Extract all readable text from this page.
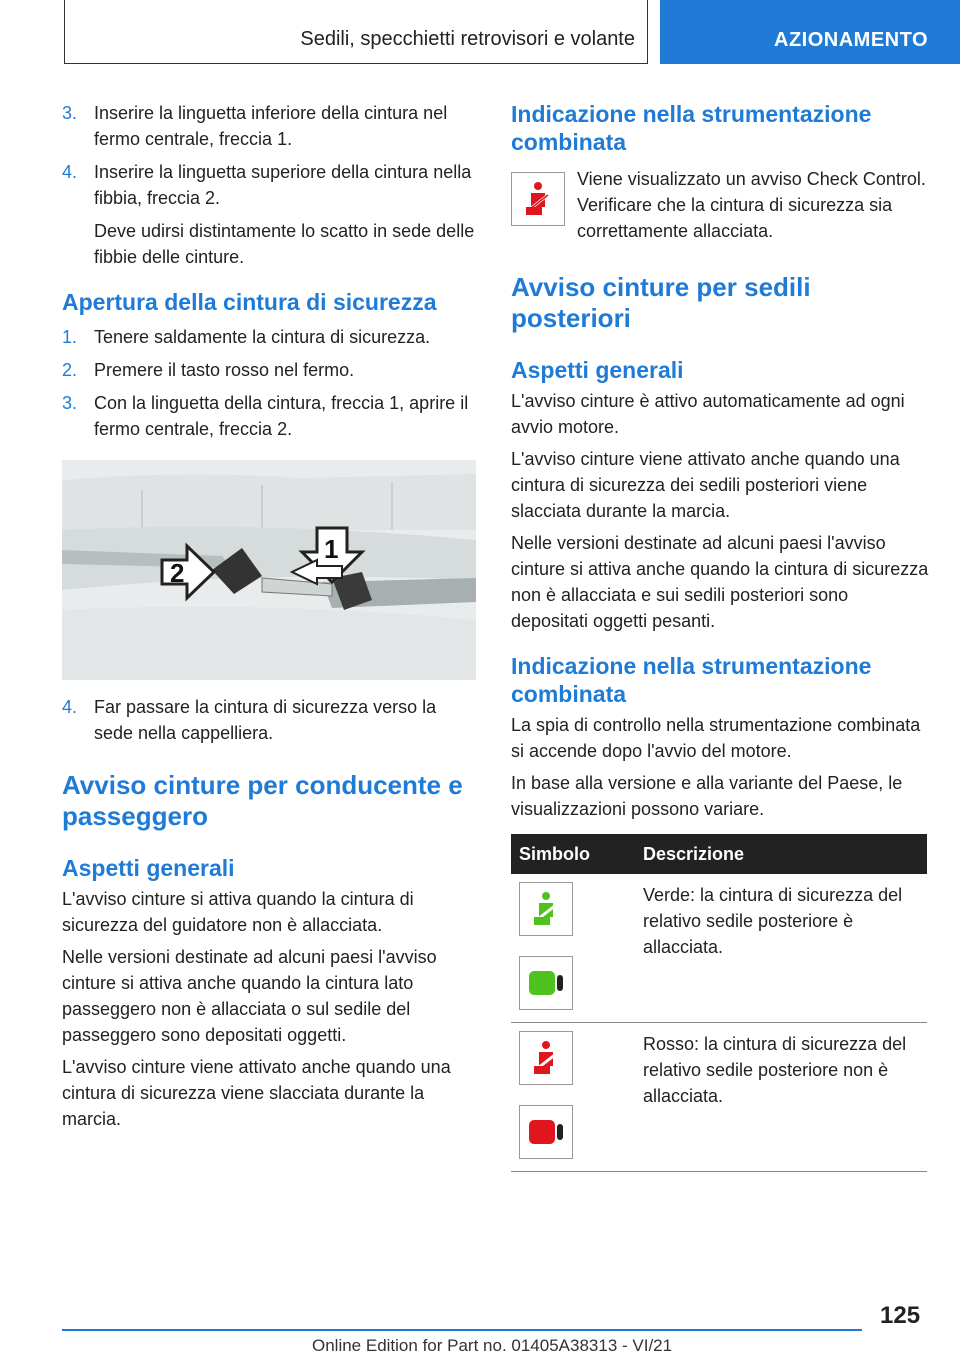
Sedili, specchietti retrovisori e volante	AZIONAMENTO
3. Inserire la linguetta inferiore della cintura nel fermo centrale, freccia 1.
4. Inserire la linguetta superiore della cintura nella fibbia, freccia 2.
Deve udirsi distintamente lo scatto in sede delle fibbie delle cinture.
Apertura della cintura di sicurezza
1. Tenere saldamente la cintura di sicurezza.
2. Premere il tasto rosso nel fermo.
3. Con la linguetta della cintura, freccia 1, aprire il fermo centrale, freccia 2.
1
2
4. Far passare la cintura di sicurezza verso la sede nella cappelliera.
Avviso cinture per conducente e passeggero
Aspetti generali

L'avviso cinture si attiva quando la cintura di sicurezza del guidatore non è allacciata.

Nelle versioni destinate ad alcuni paesi l'avviso cinture si attiva anche quando la cintura lato passeggero non è allacciata o sul sedile del passeggero sono depositati oggetti.

L'avviso cinture viene attivato anche quando una cintura di sicurezza viene slacciata durante la marcia.

Indicazione nella strumentazione combinata

Viene visualizzato un avviso Check Control. Verificare che la cintura di sicurezza sia correttamente allacciata.

Avviso cinture per sedili posteriori
Aspetti generali

L'avviso cinture è attivo automaticamente ad ogni avvio motore.

L'avviso cinture viene attivato anche quando una cintura di sicurezza dei sedili posteriori viene slacciata durante la marcia.

Nelle versioni destinate ad alcuni paesi l'avviso cinture si attiva anche quando la cintura di sicurezza non è allacciata e sui sedili posteriori sono depositati oggetti pesanti.

Indicazione nella strumentazione combinata

La spia di controllo nella strumentazione combinata si accende dopo l'avvio del motore.

In base alla versione e alla variante del Paese, le visualizzazioni possono variare.

Simbolo	Descrizione

	Verde: la cintura di sicurezza del relativo sedile posteriore è allacciata.

	Rosso: la cintura di sicurezza del relativo sedile posteriore non è allacciata.
125
Online Edition for Part no. 01405A38313 - VI/21
